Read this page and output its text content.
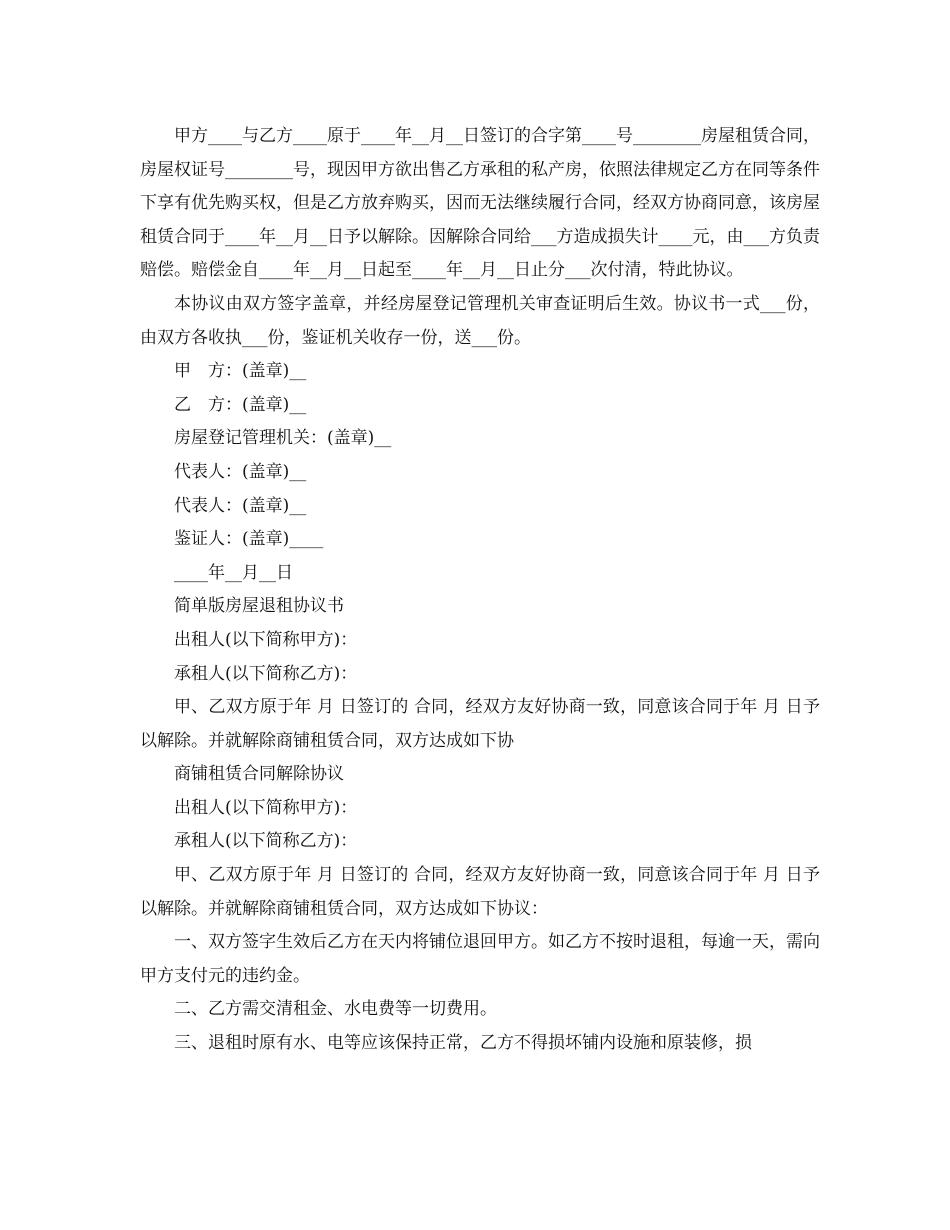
甲方____与乙方____原于____年__月__日签订的合字第____号________房屋租赁合同，房屋权证号________号，现因甲方欲出售乙方承租的私产房，依照法律规定乙方在同等条件下享有优先购买权，但是乙方放弃购买，因而无法继续履行合同，经双方协商同意，该房屋租赁合同于____年__月__日予以解除。因解除合同给___方造成损失计____元，由___方负责赔偿。赔偿金自____年__月__日起至____年__月__日止分___次付清，特此协议。

本协议由双方签字盖章，并经房屋登记管理机关审查证明后生效。协议书一式___份，由双方各收执___份，鉴证机关收存一份，送___份。

甲　方：(盖章)__

乙　方：(盖章)__

房屋登记管理机关：(盖章)__

代表人：(盖章)__

代表人：(盖章)__

鉴证人：(盖章)____

____年__月__日

简单版房屋退租协议书

出租人(以下简称甲方)：

承租人(以下简称乙方)：

甲、乙双方原于年 月 日签订的 合同，经双方友好协商一致，同意该合同于年 月 日予以解除。并就解除商铺租赁合同，双方达成如下协

商铺租赁合同解除协议

出租人(以下简称甲方)：

承租人(以下简称乙方)：

甲、乙双方原于年 月 日签订的 合同，经双方友好协商一致，同意该合同于年 月 日予以解除。并就解除商铺租赁合同，双方达成如下协议：

一、双方签字生效后乙方在天内将铺位退回甲方。如乙方不按时退租，每逾一天，需向甲方支付元的违约金。

二、乙方需交清租金、水电费等一切费用。

三、退租时原有水、电等应该保持正常，乙方不得损坏铺内设施和原装修，损
